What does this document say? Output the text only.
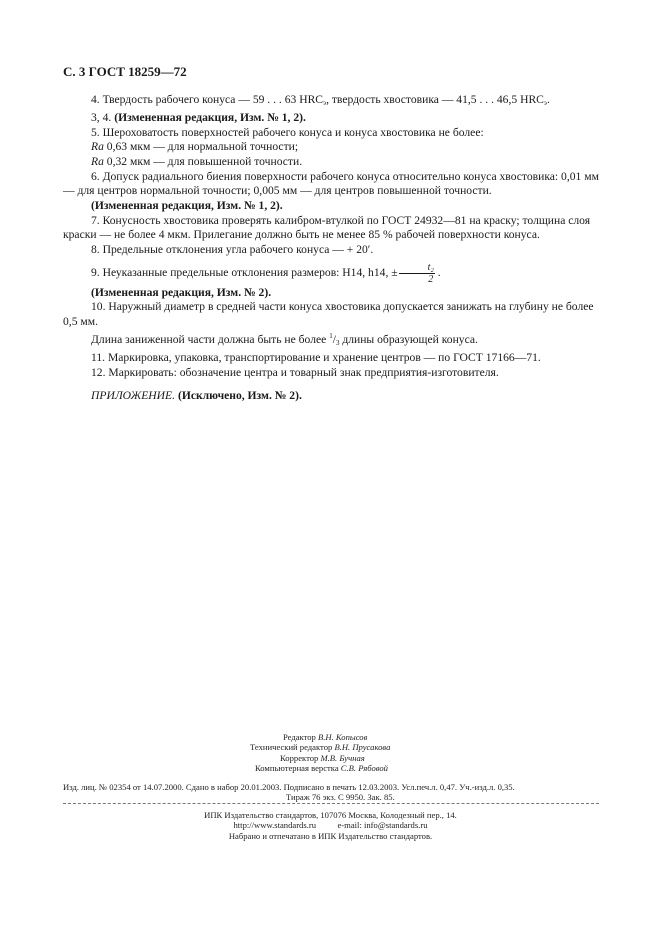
С. 3 ГОСТ 18259—72

4. Твердость рабочего конуса — 59 . . . 63 $HRC_э$, твердость хвостовика — 41,5 . . . 46,5 $HRC_э$.

3, 4. (Измененная редакция, Изм. № 1, 2).

5. Шероховатость поверхностей рабочего конуса и конуса хвостовика не более:

Ra 0,63 мкм — для нормальной точности;

Ra 0,32 мкм — для повышенной точности.

6. Допуск радиального биения поверхности рабочего конуса относительно конуса хвостовика: 0,01 мм — для центров нормальной точности; 0,005 мм — для центров повышенной точности.

(Измененная редакция, Изм. № 1, 2).

7. Конусность хвостовика проверять калибром-втулкой по ГОСТ 24932—81 на краску; толщина слоя краски — не более 4 мкм. Прилегание должно быть не менее 85 % рабочей поверхности конуса.

8. Предельные отклонения угла рабочего конуса — + 20′.

9. Неуказанные предельные отклонения размеров: H14, h14, ± $\frac{\text{t₂}}{2}$ .

(Измененная редакция, Изм. № 2).

10. Наружный диаметр в средней части конуса хвостовика допускается занижать на глубину не более 0,5 мм.

Длина заниженной части должна быть не более $^1/_3$ длины образующей конуса.

11. Маркировка, упаковка, транспортирование и хранение центров — по ГОСТ 17166—71.

12. Маркировать: обозначение центра и товарный знак предприятия-изготовителя.

ПРИЛОЖЕНИЕ. (Исключено, Изм. № 2).

Редактор В.Н. Копысов
Технический редактор В.Н. Прусакова
Корректор М.В. Бучная
Компьютерная верстка С.В. Рябовой
Изд. лиц. № 02354 от 14.07.2000. Сдано в набор 20.01.2003. Подписано в печать 12.03.2003. Усл.печ.л. 0,47. Уч.-изд.л. 0,35.
Тираж 76 экз. С 9950. Зак. 85.
ИПК Издательство стандартов, 107076 Москва, Колодезный пер., 14.
http://www.standards.ru          e-mail: info@standards.ru
Набрано и отпечатано в ИПК Издательство стандартов.
